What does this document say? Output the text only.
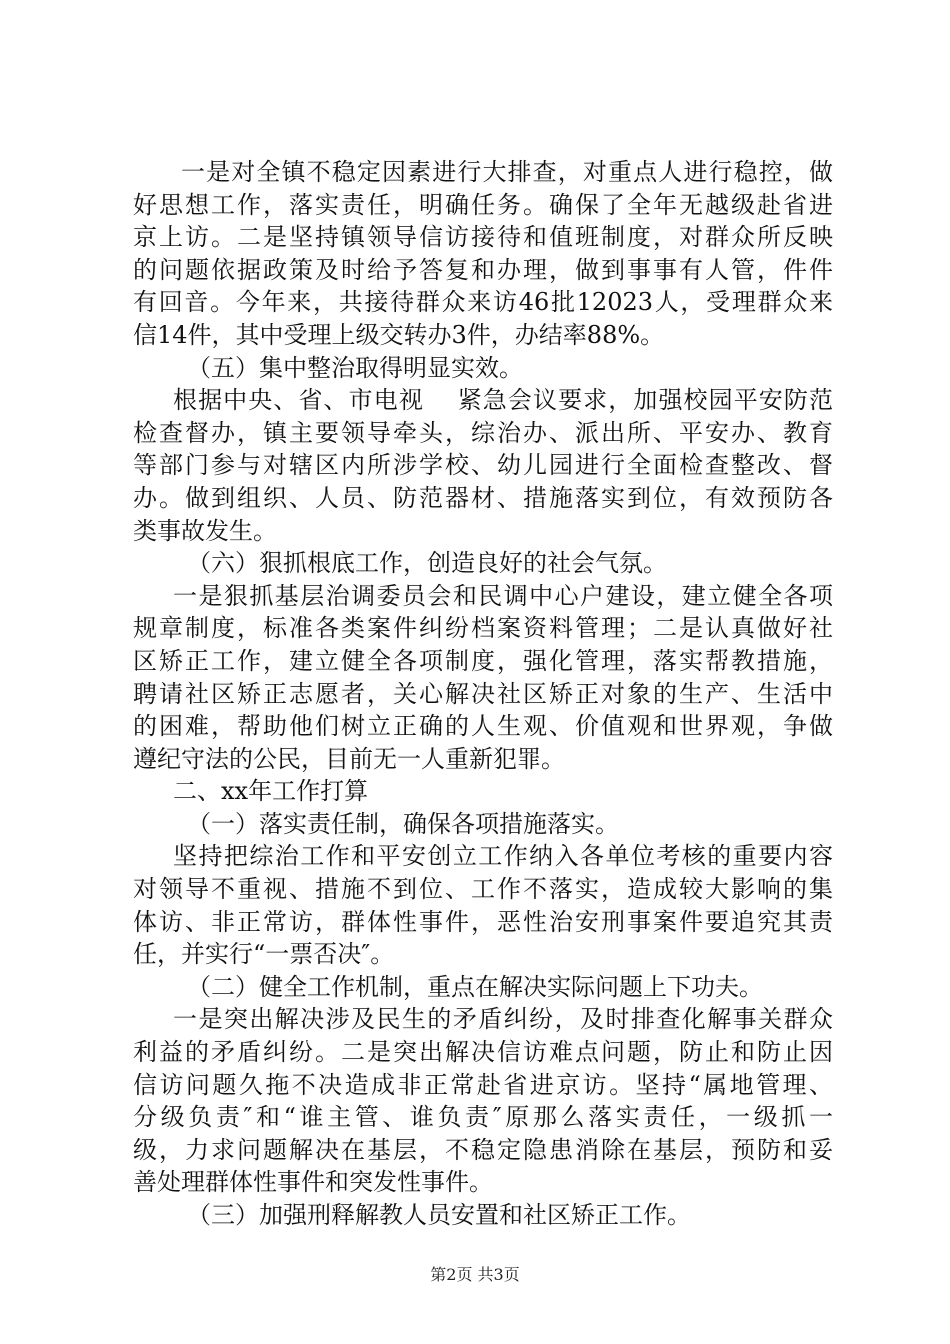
一是对全镇不稳定因素进行大排查，对重点人进行稳控，做
好思想工作，落实责任，明确任务。确保了全年无越级赴省进
京上访。二是坚持镇领导信访接待和值班制度，对群众所反映
的问题依据政策及时给予答复和办理，做到事事有人管，件件
有回音。今年来，共接待群众来访46批12023人，受理群众来
信14件，其中受理上级交转办3件，办结率88%。
（五）集中整治取得明显实效。
根据中央、省、市电视　 紧急会议要求，加强校园平安防范
检查督办，镇主要领导牵头，综治办、派出所、平安办、教育
等部门参与对辖区内所涉学校、幼儿园进行全面检查整改、督
办。做到组织、人员、防范器材、措施落实到位，有效预防各
类事故发生。
（六）狠抓根底工作，创造良好的社会气氛。
一是狠抓基层治调委员会和民调中心户建设，建立健全各项
规章制度，标准各类案件纠纷档案资料管理；二是认真做好社
区矫正工作，建立健全各项制度，强化管理，落实帮教措施，
聘请社区矫正志愿者，关心解决社区矫正对象的生产、生活中
的困难，帮助他们树立正确的人生观、价值观和世界观，争做
遵纪守法的公民，目前无一人重新犯罪。
二、xx年工作打算
（一）落实责任制，确保各项措施落实。
坚持把综治工作和平安创立工作纳入各单位考核的重要内容
对领导不重视、措施不到位、工作不落实，造成较大影响的集
体访、非正常访，群体性事件，恶性治安刑事案件要追究其责
任，并实行“一票否决″。
（二）健全工作机制，重点在解决实际问题上下功夫。
一是突出解决涉及民生的矛盾纠纷，及时排查化解事关群众
利益的矛盾纠纷。二是突出解决信访难点问题，防止和防止因
信访问题久拖不决造成非正常赴省进京访。坚持“属地管理、
分级负责″和“谁主管、谁负责″原那么落实责任，一级抓一
级，力求问题解决在基层，不稳定隐患消除在基层，预防和妥
善处理群体性事件和突发性事件。
（三）加强刑释解教人员安置和社区矫正工作。
第2页 共3页
